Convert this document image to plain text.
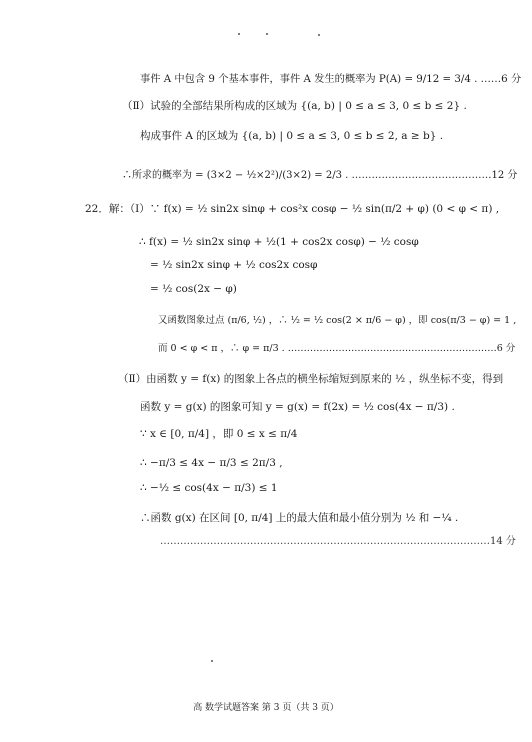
事件 A 中包含 9 个基本事件，事件 A 发生的概率为 P(A) = 9/12 = 3/4 . ……6 分
（Ⅱ）试验的全部结果所构成的区域为 {(a, b) | 0 ≤ a ≤ 3, 0 ≤ b ≤ 2} .
构成事件 A 的区域为 {(a, b) | 0 ≤ a ≤ 3, 0 ≤ b ≤ 2, a ≥ b} .
∴所求的概率为 = (3×2 − ½×2²)/(3×2) = 2/3 . ……………………………………12 分
22．解：（Ⅰ）∵ f(x) = ½ sin2x sinφ + cos²x cosφ − ½ sin(π/2 + φ) (0 < φ < π) ,
∴ f(x) = ½ sin2x sinφ + ½(1 + cos2x cosφ) − ½ cosφ
= ½ sin2x sinφ + ½ cos2x cosφ
= ½ cos(2x − φ)
又函数图象过点 (π/6, ½) ，∴ ½ = ½ cos(2 × π/6 − φ) ，即 cos(π/3 − φ) = 1 ,
而 0 < φ < π ，∴ φ = π/3 . …………………………………………………………6 分
（Ⅱ）由函数 y = f(x) 的图象上各点的横坐标缩短到原来的 ½ ，纵坐标不变，得到
函数 y = g(x) 的图象可知 y = g(x) = f(2x) = ½ cos(4x − π/3) .
∵ x ∈ [0, π/4] ，即 0 ≤ x ≤ π/4
∴ −π/3 ≤ 4x − π/3 ≤ 2π/3 ,
∴ −½ ≤ cos(4x − π/3) ≤ 1
∴函数 g(x) 在区间 [0, π/4] 上的最大值和最小值分别为 ½ 和 −¼ .
………………………………………………………………………………………14 分
高 数学试题答案 第 3 页（共 3 页）
